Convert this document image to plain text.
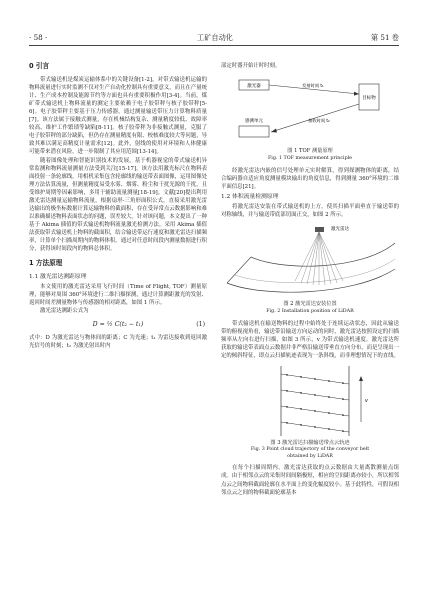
· 58 ·	工矿自动化	第 51 卷
0 引言

带式输送机是煤炭运输体系中的关键设备[1-2]，对带式输送机运输的物料流量进行实时监测不仅对生产自动化控制具有重要意义，而且在产量统计、生产成本控制及能源节约等方面也具有重要积极作用[3-4]。当前，煤矿带式输送机上物料流量的测定主要依赖于电子胶带秤与核子胶带秤[5-6]。电子胶带秤主要基于压力传感器，通过测量输送带压力计算物料质量[7]。该方法属于接触式测量，存在机械结构复杂、测量精度较低、故障率较高、维护工作繁琐等缺陷[8-11]。核子胶带秤为非接触式测量，克服了电子胶带秤的部分缺陷，但仍存在测量精度有限、校核难度较大等问题，导致其难以满足高精度计量需求[12]。此外，射线的使用对环境和人体健康可能带来潜在风险，进一步限制了其应用范围[13-14]。

随着图像处理和智能识别技术的发展，基于机器视觉的带式输送机异常监测和物料流量测量方法受到关注[15-17]。该方法用激光标尺在物料表面投射一条轮廓线，用相机采集包含轮廓线的输送带表面图像，运用图像处理方法估算流量，但测量精度易受水雾、烟雾、粉尘和干扰光源的干扰，且受维护周期等因素影响，多用于辅助流量测量[18-19]。文献[20]提出利用激光雷达测量运输物料流量，根据扇形-三角形面积公式，直接采用激光雷达输出的极坐标数据计算运输物料的截面积，存在受异常点云数据影响和难以准确描述物料表面状态的问题，误差较大。针对该问题，本文提出了一种基于 Akima 插值的带式输送机物料流量激光检测方法。采用 Akima 插值法获取带式输送机上物料的截面积，结合输送带运行速度和激光雷达扫描频率，计算单个扫描周期内的物料体积。通过对任意时间段内测量数据进行积分，获得该时间段内的物料总体积。

1 方法原理
1.1 激光雷达测距原理

本文使用的激光雷达采用飞行时间（Time of Flight, TOF）测量原理，能够对周围 360°环境进行二维扫描探测，通过计算测距激光的发射、返回时间差测量物体与传感器的相对距离，如图 1 所示。

激光雷达测距公式为

D = ½ C(t₂ − t₁)	(1)

式中：D 为激光雷达与物体间的距离；C 为光速；t₁ 为雷达接收到返回激光信号的时刻；t₂ 为激光射出时内

部定时器开始计时时刻。

激光器
目标物
发射时间 t₁
接收时间 t₂
感测单元
图 1 TOF 测量原理
Fig. 1 TOF measurement principle

经激光雷达内嵌的信号处理单元实时解算，得到探测物体的距离，结合编码器自适应角度测量模块输出的角度信息，得到测量 360°环境的二维平面信息[21]。

1.2 体积流量检测原理

将激光雷达安装在带式输送机的上方，使其扫描平面垂直于输送带的对称轴线，并与输送带底部切面正交，如图 2 所示。

激光雷达
图 2 激光雷达安装位置
Fig. 2 Installation position of LiDAR

带式输送机在输送物料的过程中始终处于连续运动状态，因此从输送带的俯视视角看，输送带沿输送方向运动的同时，激光雷达按照设定的扫描频率从左向右进行扫描，如图 3 所示，v 为带式输送机速度。激光雷达所获取的输送带表面点云数据并非严格沿输送带垂直方向分布，而是呈现出一定的倾斜特征，即点云扫描轨迹表现为一条斜线，而非理想情况下的直线。

v
图 3 激光雷达扫描输送带点云轨迹
Fig. 3 Point cloud trajectory of the conveyor belt
obtained by LiDAR

在每个扫描周期内，激光雷达获取的点云数据由大量离散测量点组成。由于相邻点云的采集时间间隔极短，相应的空间距离亦较小，所以相邻点云之间物料截面轮廓在水平面上的变化幅度较小。基于此特性，可假设相邻点云之间的物料截面轮廓基本
